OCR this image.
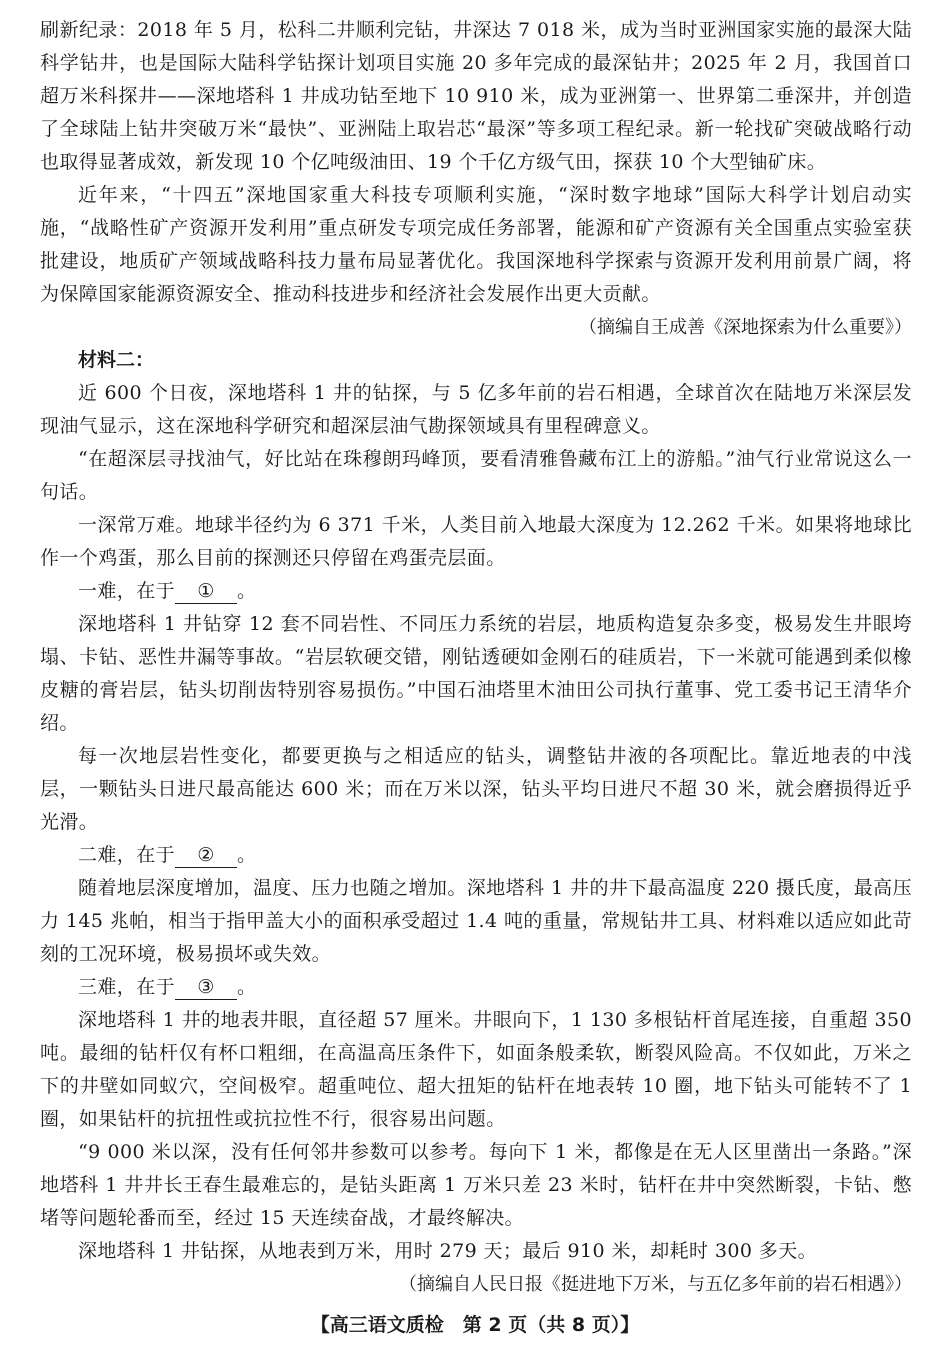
刷新纪录：2018 年 5 月，松科二井顺利完钻，井深达 7 018 米，成为当时亚洲国家实施的最深大陆科学钻井，也是国际大陆科学钻探计划项目实施 20 多年完成的最深钻井；2025 年 2 月，我国首口超万米科探井——深地塔科 1 井成功钻至地下 10 910 米，成为亚洲第一、世界第二垂深井，并创造了全球陆上钻井突破万米“最快”、亚洲陆上取岩芯“最深”等多项工程纪录。新一轮找矿突破战略行动也取得显著成效，新发现 10 个亿吨级油田、19 个千亿方级气田，探获 10 个大型铀矿床。

近年来，“十四五”深地国家重大科技专项顺利实施，“深时数字地球”国际大科学计划启动实施，“战略性矿产资源开发利用”重点研发专项完成任务部署，能源和矿产资源有关全国重点实验室获批建设，地质矿产领域战略科技力量布局显著优化。我国深地科学探索与资源开发利用前景广阔，将为保障国家能源资源安全、推动科技进步和经济社会发展作出更大贡献。

（摘编自王成善《深地探索为什么重要》）

材料二：

近 600 个日夜，深地塔科 1 井的钻探，与 5 亿多年前的岩石相遇，全球首次在陆地万米深层发现油气显示，这在深地科学研究和超深层油气勘探领域具有里程碑意义。

“在超深层寻找油气，好比站在珠穆朗玛峰顶，要看清雅鲁藏布江上的游船。”油气行业常说这么一句话。

一深常万难。地球半径约为 6 371 千米，人类目前入地最大深度为 12.262 千米。如果将地球比作一个鸡蛋，那么目前的探测还只停留在鸡蛋壳层面。

一难，在于 ① 。

深地塔科 1 井钻穿 12 套不同岩性、不同压力系统的岩层，地质构造复杂多变，极易发生井眼垮塌、卡钻、恶性井漏等事故。“岩层软硬交错，刚钻透硬如金刚石的硅质岩，下一米就可能遇到柔似橡皮糖的膏岩层，钻头切削齿特别容易损伤。”中国石油塔里木油田公司执行董事、党工委书记王清华介绍。

每一次地层岩性变化，都要更换与之相适应的钻头，调整钻井液的各项配比。靠近地表的中浅层，一颗钻头日进尺最高能达 600 米；而在万米以深，钻头平均日进尺不超 30 米，就会磨损得近乎光滑。

二难，在于 ② 。

随着地层深度增加，温度、压力也随之增加。深地塔科 1 井的井下最高温度 220 摄氏度，最高压力 145 兆帕，相当于指甲盖大小的面积承受超过 1.4 吨的重量，常规钻井工具、材料难以适应如此苛刻的工况环境，极易损坏或失效。

三难，在于 ③ 。

深地塔科 1 井的地表井眼，直径超 57 厘米。井眼向下，1 130 多根钻杆首尾连接，自重超 350 吨。最细的钻杆仅有杯口粗细，在高温高压条件下，如面条般柔软，断裂风险高。不仅如此，万米之下的井壁如同蚁穴，空间极窄。超重吨位、超大扭矩的钻杆在地表转 10 圈，地下钻头可能转不了 1 圈，如果钻杆的抗扭性或抗拉性不行，很容易出问题。

“9 000 米以深，没有任何邻井参数可以参考。每向下 1 米，都像是在无人区里凿出一条路。”深地塔科 1 井井长王春生最难忘的，是钻头距离 1 万米只差 23 米时，钻杆在井中突然断裂，卡钻、憋堵等问题轮番而至，经过 15 天连续奋战，才最终解决。

深地塔科 1 井钻探，从地表到万米，用时 279 天；最后 910 米，却耗时 300 多天。

（摘编自人民日报《挺进地下万米，与五亿多年前的岩石相遇》）

【高三语文质检　第 2 页（共 8 页）】
